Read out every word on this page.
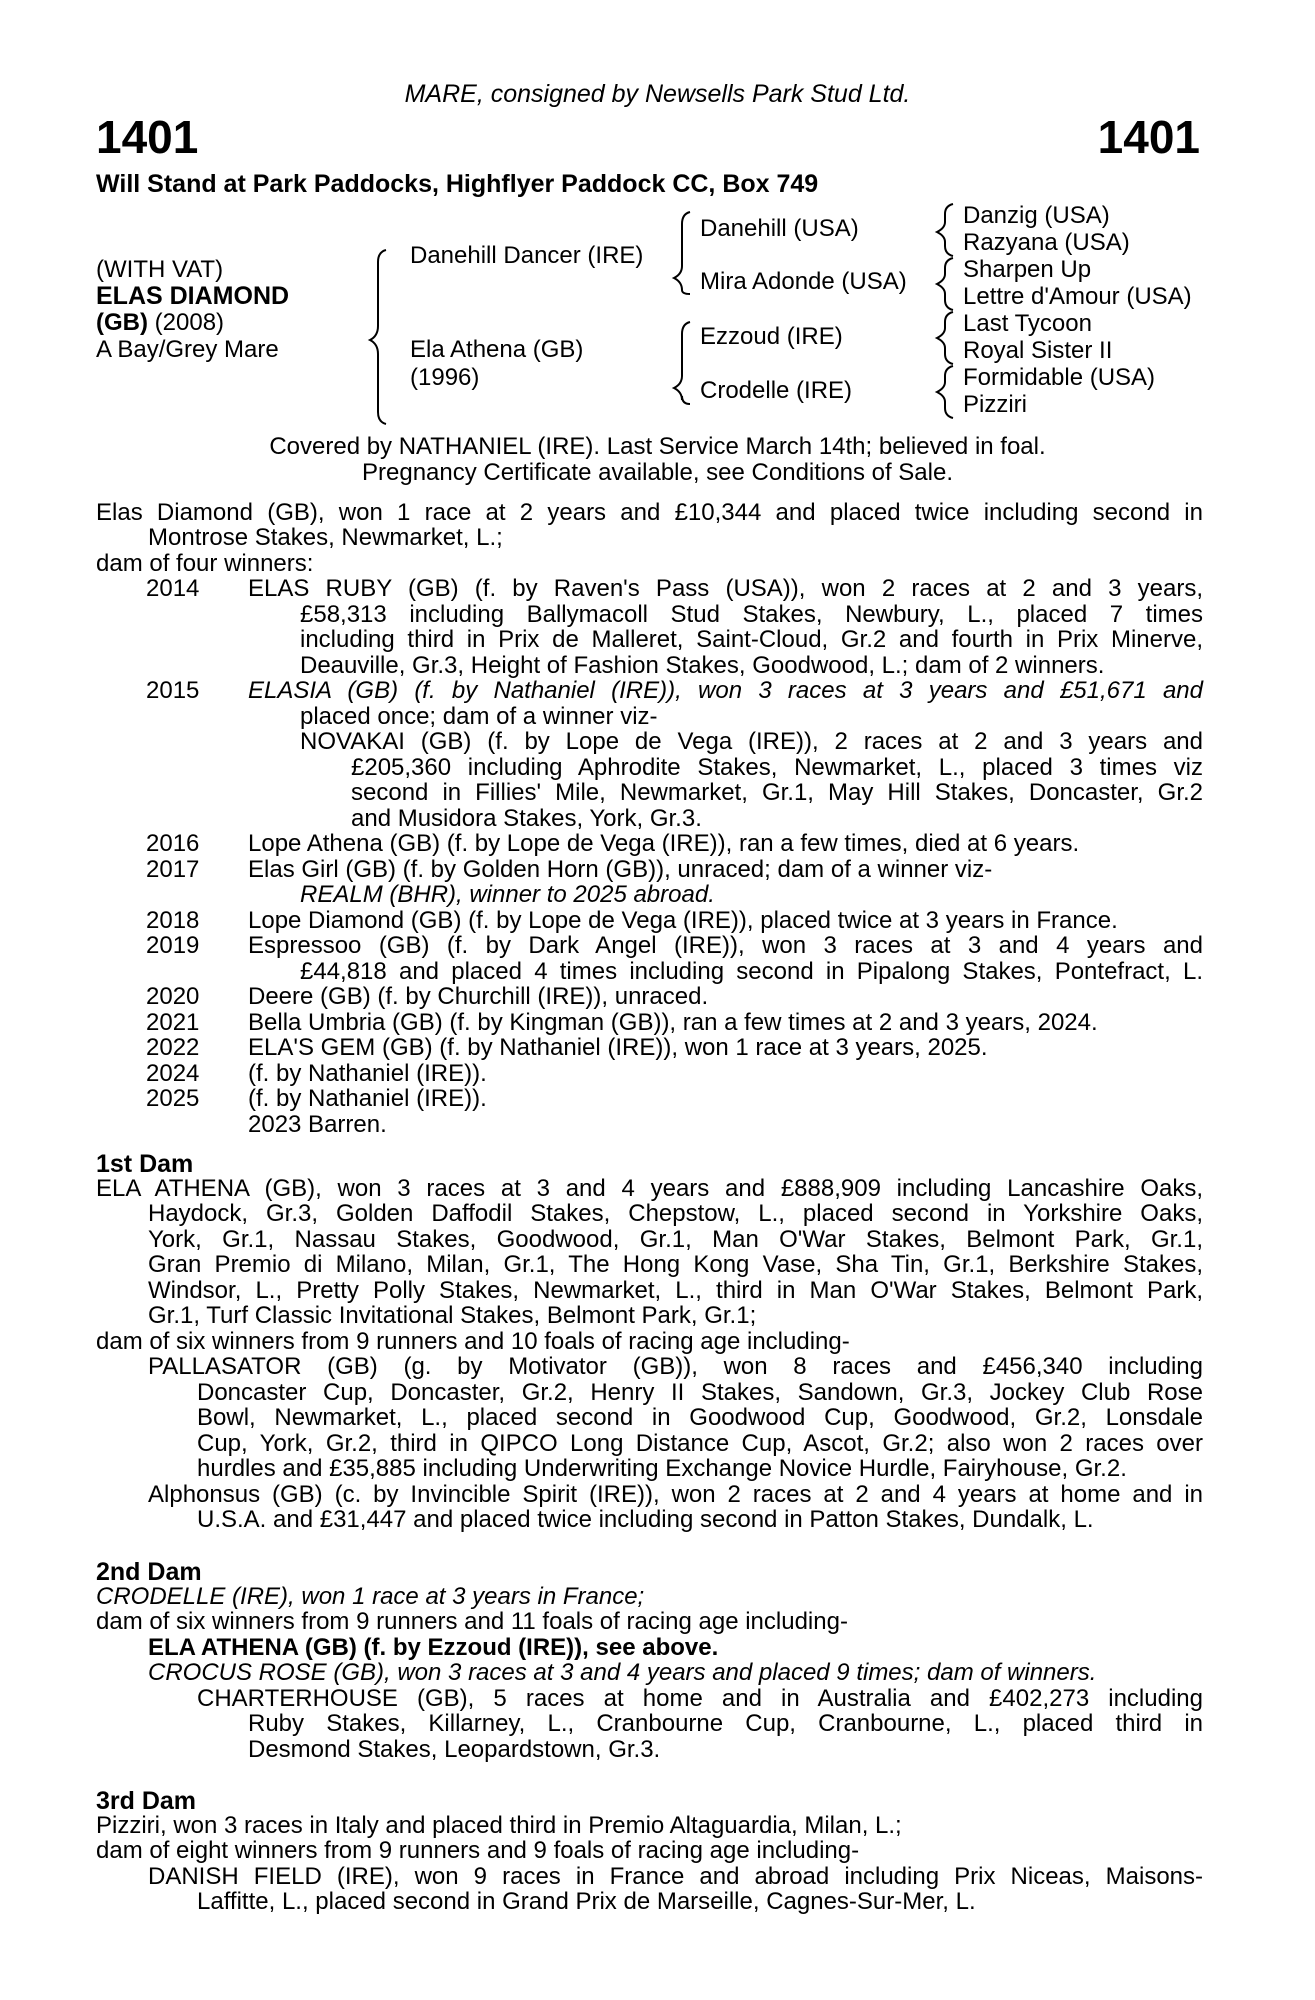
MARE, consigned by Newsells Park Stud Ltd.
1401	1401
Will Stand at Park Paddocks, Highflyer Paddock CC, Box 749
(WITH VAT)
ELAS DIAMOND
(GB) (2008)
A Bay/Grey Mare
Danehill Dancer (IRE)
Ela Athena (GB)
(1996)
Danehill (USA)
Mira Adonde (USA)
Ezzoud (IRE)
Crodelle (IRE)
Danzig (USA)
Razyana (USA)
Sharpen Up
Lettre d'Amour (USA)
Last Tycoon
Royal Sister II
Formidable (USA)
Pizziri
Covered by NATHANIEL (IRE). Last Service March 14th; believed in foal.
Pregnancy Certificate available, see Conditions of Sale.
Elas Diamond (GB), won 1 race at 2 years and £10,344 and placed twice including second in
Montrose Stakes, Newmarket, L.;
dam of four winners:
2014 ELAS RUBY (GB) (f. by Raven's Pass (USA)), won 2 races at 2 and 3 years,
£58,313 including Ballymacoll Stud Stakes, Newbury, L., placed 7 times
including third in Prix de Malleret, Saint-Cloud, Gr.2 and fourth in Prix Minerve,
Deauville, Gr.3, Height of Fashion Stakes, Goodwood, L.; dam of 2 winners.
2015 ELASIA (GB) (f. by Nathaniel (IRE)), won 3 races at 3 years and £51,671 and
placed once; dam of a winner viz-
NOVAKAI (GB) (f. by Lope de Vega (IRE)), 2 races at 2 and 3 years and
£205,360 including Aphrodite Stakes, Newmarket, L., placed 3 times viz
second in Fillies' Mile, Newmarket, Gr.1, May Hill Stakes, Doncaster, Gr.2
and Musidora Stakes, York, Gr.3.
2016 Lope Athena (GB) (f. by Lope de Vega (IRE)), ran a few times, died at 6 years.
2017 Elas Girl (GB) (f. by Golden Horn (GB)), unraced; dam of a winner viz-
REALM (BHR), winner to 2025 abroad.
2018 Lope Diamond (GB) (f. by Lope de Vega (IRE)), placed twice at 3 years in France.
2019 Espressoo (GB) (f. by Dark Angel (IRE)), won 3 races at 3 and 4 years and
£44,818 and placed 4 times including second in Pipalong Stakes, Pontefract, L.
2020 Deere (GB) (f. by Churchill (IRE)), unraced.
2021 Bella Umbria (GB) (f. by Kingman (GB)), ran a few times at 2 and 3 years, 2024.
2022 ELA'S GEM (GB) (f. by Nathaniel (IRE)), won 1 race at 3 years, 2025.
2024 (f. by Nathaniel (IRE)).
2025 (f. by Nathaniel (IRE)).
2023 Barren.
1st Dam
ELA ATHENA (GB), won 3 races at 3 and 4 years and £888,909 including Lancashire Oaks,
Haydock, Gr.3, Golden Daffodil Stakes, Chepstow, L., placed second in Yorkshire Oaks,
York, Gr.1, Nassau Stakes, Goodwood, Gr.1, Man O'War Stakes, Belmont Park, Gr.1,
Gran Premio di Milano, Milan, Gr.1, The Hong Kong Vase, Sha Tin, Gr.1, Berkshire Stakes,
Windsor, L., Pretty Polly Stakes, Newmarket, L., third in Man O'War Stakes, Belmont Park,
Gr.1, Turf Classic Invitational Stakes, Belmont Park, Gr.1;
dam of six winners from 9 runners and 10 foals of racing age including-
PALLASATOR (GB) (g. by Motivator (GB)), won 8 races and £456,340 including
Doncaster Cup, Doncaster, Gr.2, Henry II Stakes, Sandown, Gr.3, Jockey Club Rose
Bowl, Newmarket, L., placed second in Goodwood Cup, Goodwood, Gr.2, Lonsdale
Cup, York, Gr.2, third in QIPCO Long Distance Cup, Ascot, Gr.2; also won 2 races over
hurdles and £35,885 including Underwriting Exchange Novice Hurdle, Fairyhouse, Gr.2.
Alphonsus (GB) (c. by Invincible Spirit (IRE)), won 2 races at 2 and 4 years at home and in
U.S.A. and £31,447 and placed twice including second in Patton Stakes, Dundalk, L.
2nd Dam
CRODELLE (IRE), won 1 race at 3 years in France;
dam of six winners from 9 runners and 11 foals of racing age including-
ELA ATHENA (GB) (f. by Ezzoud (IRE)), see above.
CROCUS ROSE (GB), won 3 races at 3 and 4 years and placed 9 times; dam of winners.
CHARTERHOUSE (GB), 5 races at home and in Australia and £402,273 including
Ruby Stakes, Killarney, L., Cranbourne Cup, Cranbourne, L., placed third in
Desmond Stakes, Leopardstown, Gr.3.
3rd Dam
Pizziri, won 3 races in Italy and placed third in Premio Altaguardia, Milan, L.;
dam of eight winners from 9 runners and 9 foals of racing age including-
DANISH FIELD (IRE), won 9 races in France and abroad including Prix Niceas, Maisons-
Laffitte, L., placed second in Grand Prix de Marseille, Cagnes-Sur-Mer, L.
